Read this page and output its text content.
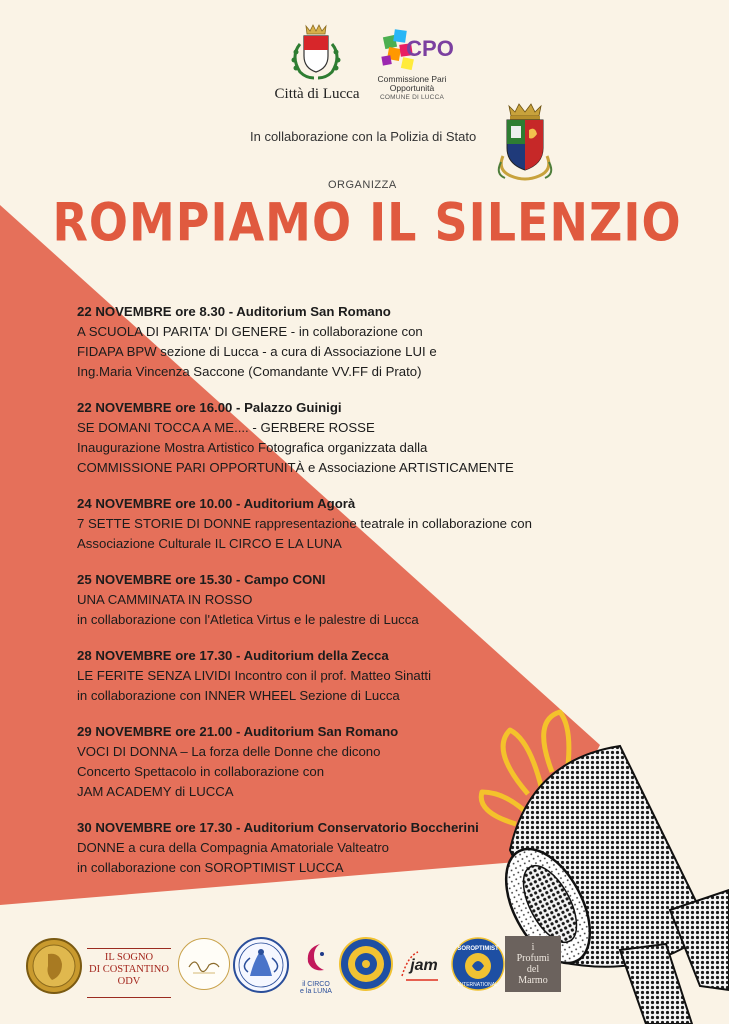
Città di Lucca
CPO
Commissione Pari
Opportunità
COMUNE DI LUCCA
In collaborazione con la Polizia di Stato
ORGANIZZA
ROMPIAMO IL SILENZIO
22 NOVEMBRE ore 8.30 - Auditorium San Romano
A SCUOLA DI PARITA' DI GENERE - in collaborazione con
FIDAPA BPW sezione di Lucca - a cura di Associazione LUI e
Ing.Maria Vincenza Saccone (Comandante VV.FF di Prato)
22 NOVEMBRE ore 16.00 - Palazzo Guinigi
SE DOMANI TOCCA A ME.... - GERBERE ROSSE
Inaugurazione Mostra Artistico Fotografica organizzata dalla
COMMISSIONE PARI OPPORTUNITÀ e Associazione ARTISTICAMENTE
24 NOVEMBRE ore 10.00 - Auditorium Agorà
7 SETTE STORIE DI DONNE rappresentazione teatrale in collaborazione con
Associazione Culturale IL CIRCO E LA LUNA
25 NOVEMBRE ore 15.30 - Campo CONI
UNA CAMMINATA IN ROSSO
in collaborazione con l'Atletica Virtus e le palestre di Lucca
28 NOVEMBRE ore 17.30 - Auditorium della Zecca
LE FERITE SENZA LIVIDI Incontro con il prof. Matteo Sinatti
in collaborazione con INNER WHEEL Sezione di Lucca
29 NOVEMBRE ore 21.00 - Auditorium San Romano
VOCI DI DONNA – La forza delle Donne che dicono
Concerto Spettacolo in collaborazione con
JAM ACADEMY di LUCCA
30 NOVEMBRE ore 17.30 - Auditorium Conservatorio Boccherini
DONNE a cura della Compagnia Amatoriale Valteatro
in collaborazione con SOROPTIMIST LUCCA
IL SOGNO
DI COSTANTINO
ODV	il CIRCO
e la LUNA
jam
SOROPTIMIST
INTERNATIONAL
i
Profumi
del
Marmo
